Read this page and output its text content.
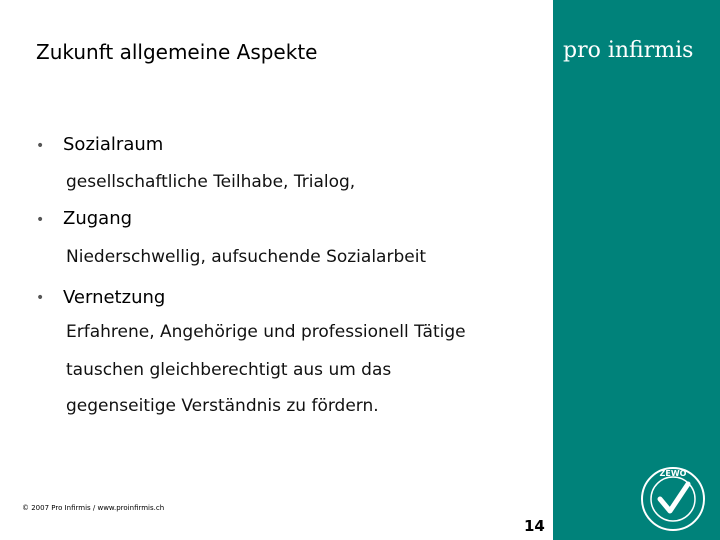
pro infirmis
Zukunft allgemeine Aspekte
• Sozialraum
gesellschaftliche Teilhabe, Trialog,
• Zugang
Niederschwellig, aufsuchende Sozialarbeit
• Vernetzung
Erfahrene, Angehörige und professionell Tätige
tauschen gleichberechtigt aus um das
gegenseitige Verständnis zu fördern.
© 2007 Pro Infirmis / www.proinfirmis.ch
14
ZEWO
